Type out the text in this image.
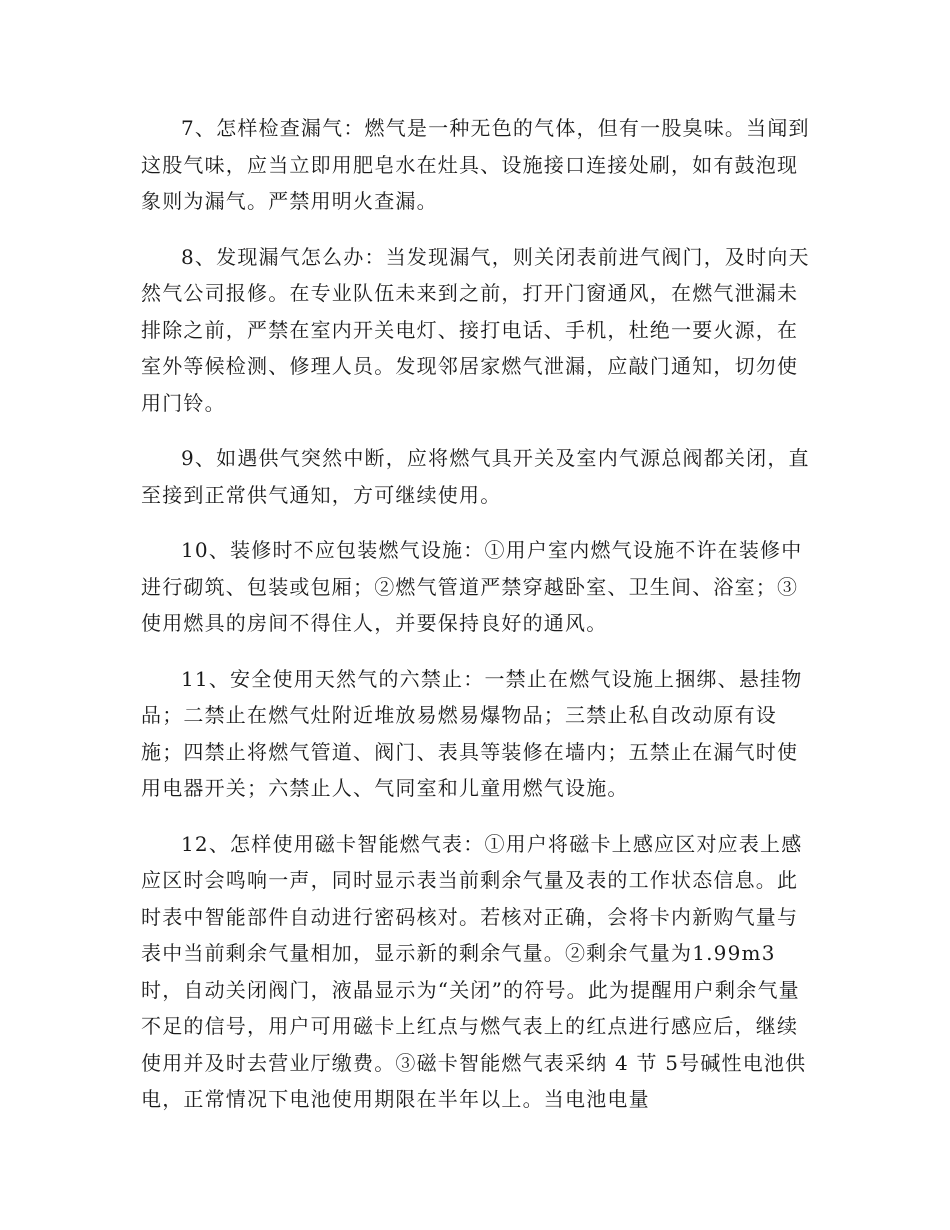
7、怎样检查漏气：燃气是一种无色的气体，但有一股臭味。当闻到这股气味，应当立即用肥皂水在灶具、设施接口连接处刷，如有鼓泡现象则为漏气。严禁用明火查漏。

8、发现漏气怎么办：当发现漏气，则关闭表前进气阀门，及时向天然气公司报修。在专业队伍未来到之前，打开门窗通风，在燃气泄漏未排除之前，严禁在室内开关电灯、接打电话、手机，杜绝一要火源，在室外等候检测、修理人员。发现邻居家燃气泄漏，应敲门通知，切勿使用门铃。

9、如遇供气突然中断，应将燃气具开关及室内气源总阀都关闭，直至接到正常供气通知，方可继续使用。

10、装修时不应包装燃气设施：①用户室内燃气设施不许在装修中进行砌筑、包装或包厢；②燃气管道严禁穿越卧室、卫生间、浴室；③使用燃具的房间不得住人，并要保持良好的通风。

11、安全使用天然气的六禁止：一禁止在燃气设施上捆绑、悬挂物品；二禁止在燃气灶附近堆放易燃易爆物品；三禁止私自改动原有设施；四禁止将燃气管道、阀门、表具等装修在墙内；五禁止在漏气时使用电器开关；六禁止人、气同室和儿童用燃气设施。

12、怎样使用磁卡智能燃气表：①用户将磁卡上感应区对应表上感应区时会鸣响一声，同时显示表当前剩余气量及表的工作状态信息。此时表中智能部件自动进行密码核对。若核对正确，会将卡内新购气量与表中当前剩余气量相加，显示新的剩余气量。②剩余气量为1.99m3 时，自动关闭阀门，液晶显示为“关闭”的符号。此为提醒用户剩余气量不足的信号，用户可用磁卡上红点与燃气表上的红点进行感应后，继续使用并及时去营业厅缴费。③磁卡智能燃气表采纳 4 节 5号碱性电池供电，正常情况下电池使用期限在半年以上。当电池电量
